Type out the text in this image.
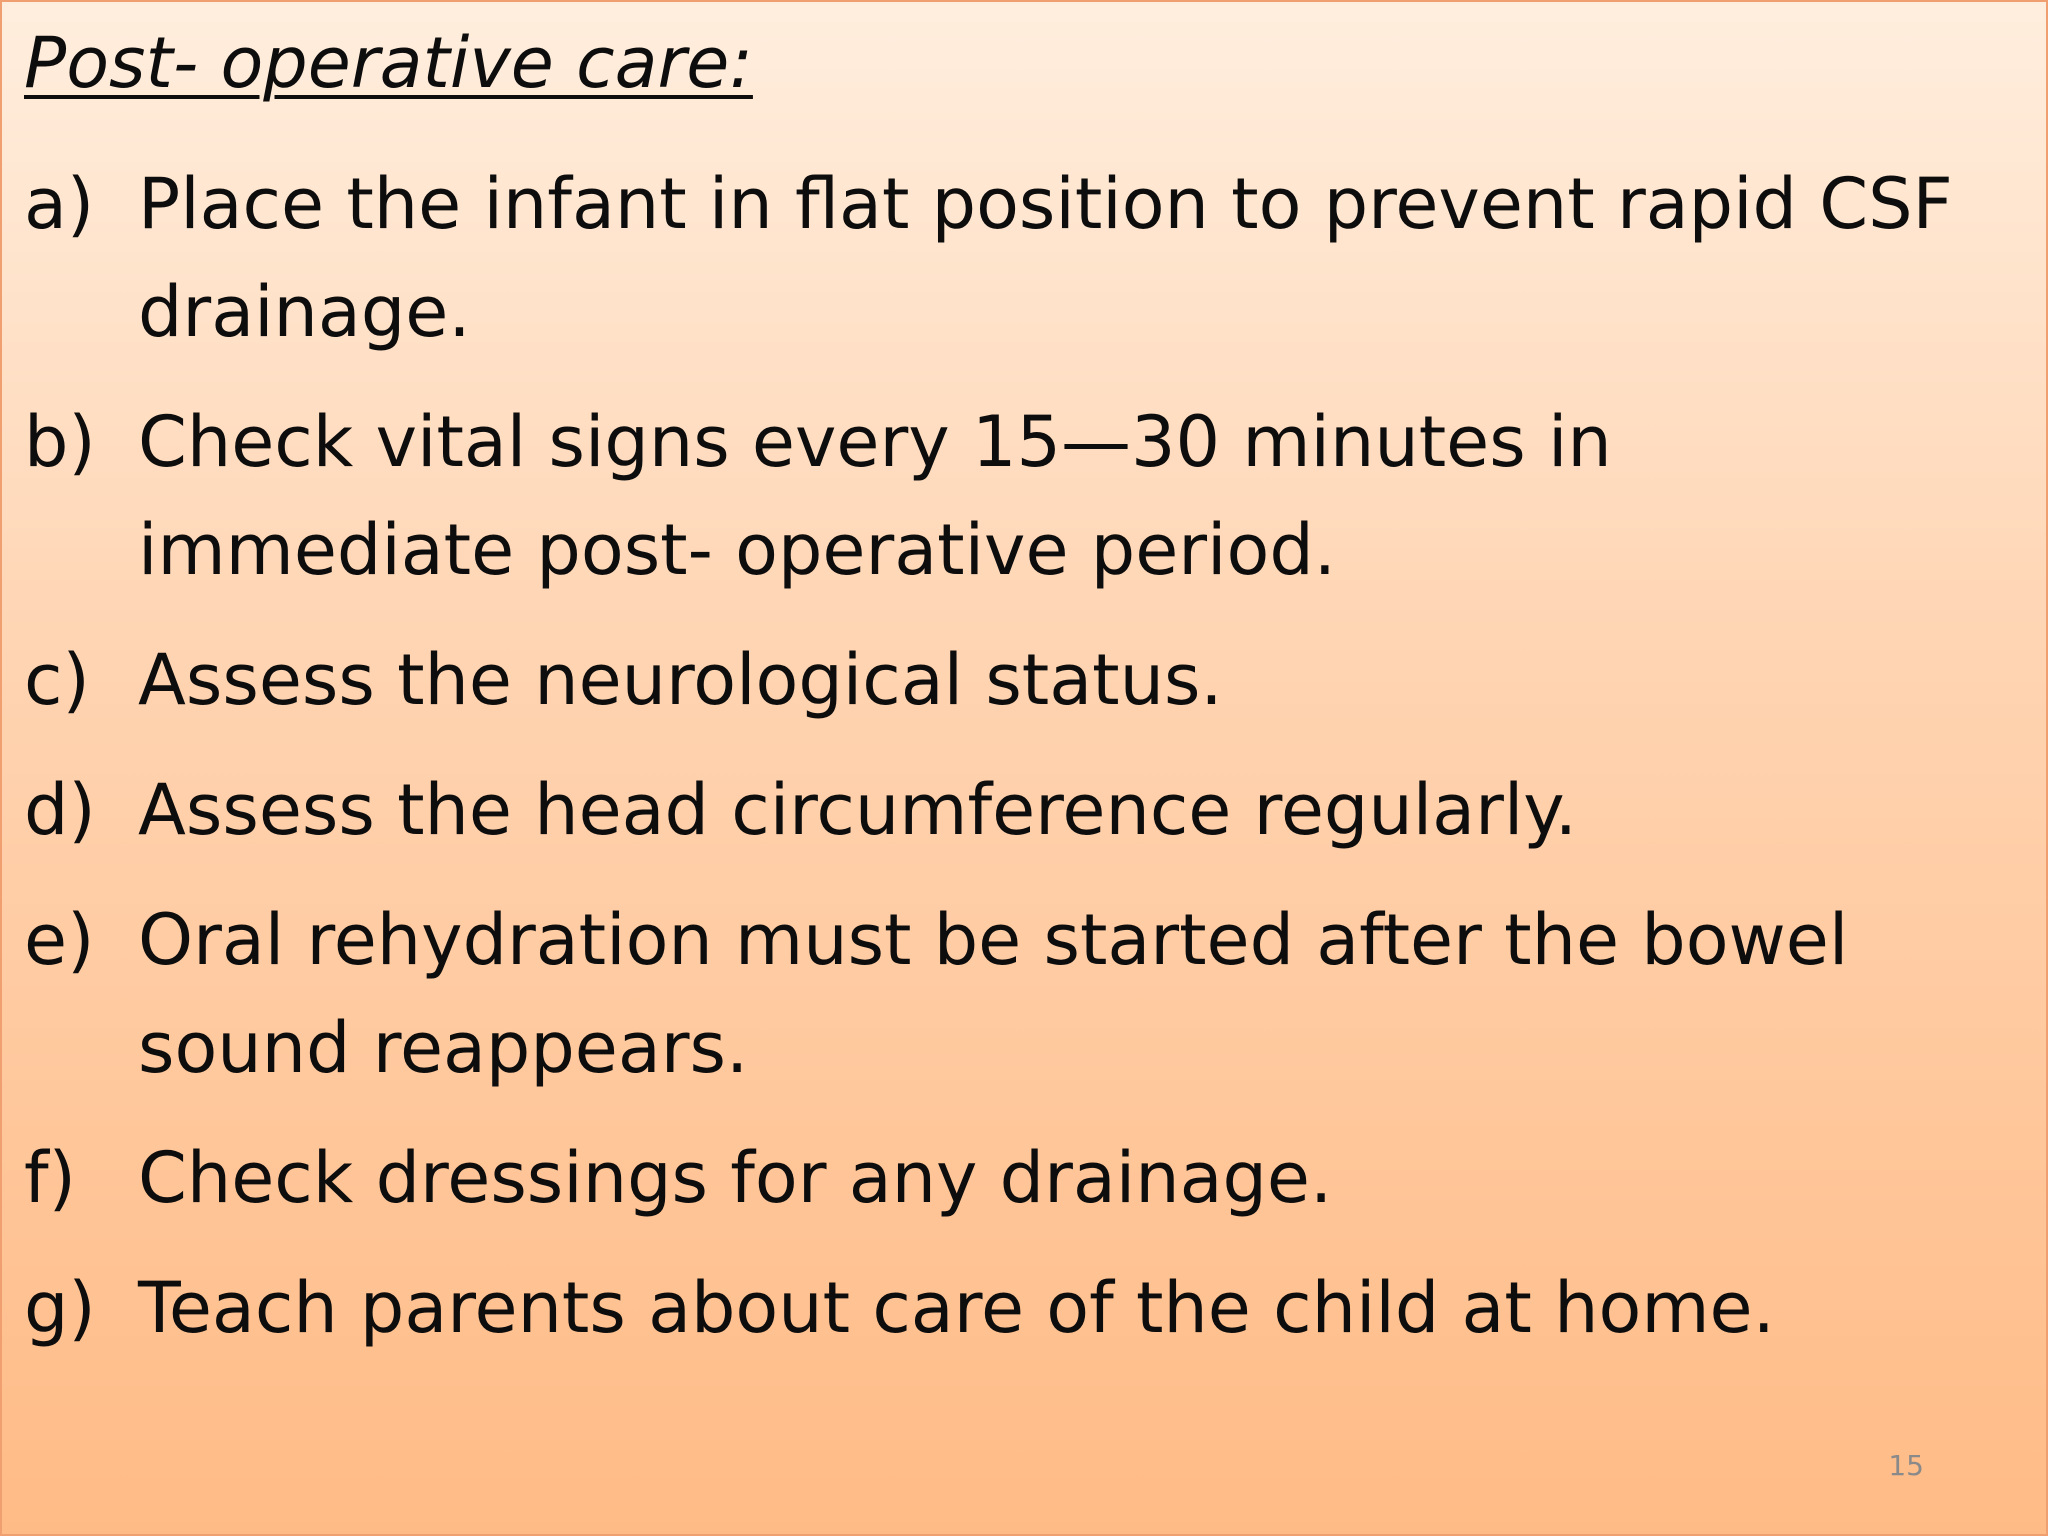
Post- operative care:
a) Place the infant in flat position to prevent rapid CSF drainage.
b) Check vital signs every 15—30 minutes in immediate post- operative period.
c) Assess the neurological status.
d) Assess the head circumference regularly.
e) Oral rehydration must be started after the bowel sound reappears.
f) Check dressings for any drainage.
g) Teach parents about care of the child at home.
15
